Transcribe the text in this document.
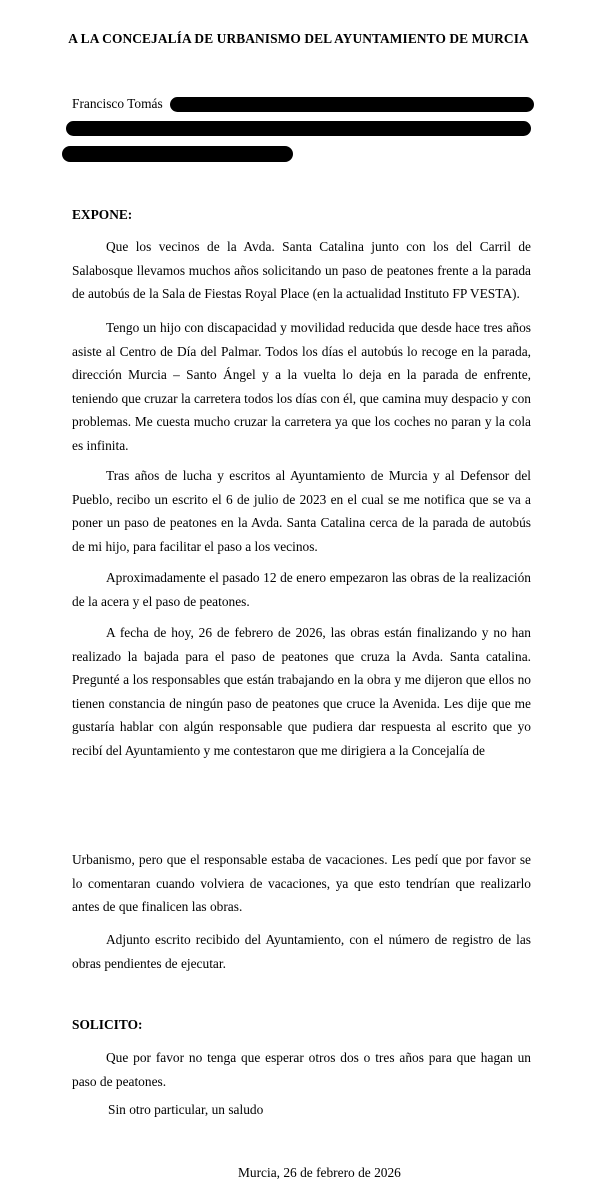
A LA CONCEJALÍA DE URBANISMO DEL AYUNTAMIENTO DE MURCIA
Francisco Tomás
EXPONE:
Que los vecinos de la Avda. Santa Catalina junto con los del Carril de Salabosque llevamos muchos años solicitando un paso de peatones frente a la parada de autobús de la Sala de Fiestas Royal Place (en la actualidad Instituto FP VESTA).
Tengo un hijo con discapacidad y movilidad reducida que desde hace tres años asiste al Centro de Día del Palmar. Todos los días el autobús lo recoge en la parada, dirección Murcia – Santo Ángel y a la vuelta lo deja en la parada de enfrente, teniendo que cruzar la carretera todos los días con él, que camina muy despacio y con problemas. Me cuesta mucho cruzar la carretera ya que los coches no paran y la cola es infinita.
Tras años de lucha y escritos al Ayuntamiento de Murcia y al Defensor del Pueblo, recibo un escrito el 6 de julio de 2023 en el cual se me notifica que se va a poner un paso de peatones en la Avda. Santa Catalina cerca de la parada de autobús de mi hijo, para facilitar el paso a los vecinos.
Aproximadamente el pasado 12 de enero empezaron las obras de la realización de la acera y el paso de peatones.
A fecha de hoy, 26 de febrero de 2026, las obras están finalizando y no han realizado la bajada para el paso de peatones que cruza la Avda. Santa catalina. Pregunté a los responsables que están trabajando en la obra y me dijeron que ellos no tienen constancia de ningún paso de peatones que cruce la Avenida. Les dije que me gustaría hablar con algún responsable que pudiera dar respuesta al escrito que yo recibí del Ayuntamiento y me contestaron que me dirigiera a la Concejalía de
Urbanismo, pero que el responsable estaba de vacaciones. Les pedí que por favor se lo comentaran cuando volviera de vacaciones, ya que esto tendrían que realizarlo antes de que finalicen las obras.
Adjunto escrito recibido del Ayuntamiento, con el número de registro de las obras pendientes de ejecutar.
SOLICITO:
Que por favor no tenga que esperar otros dos o tres años para que hagan un paso de peatones.
Sin otro particular, un saludo
Murcia, 26 de febrero de 2026
